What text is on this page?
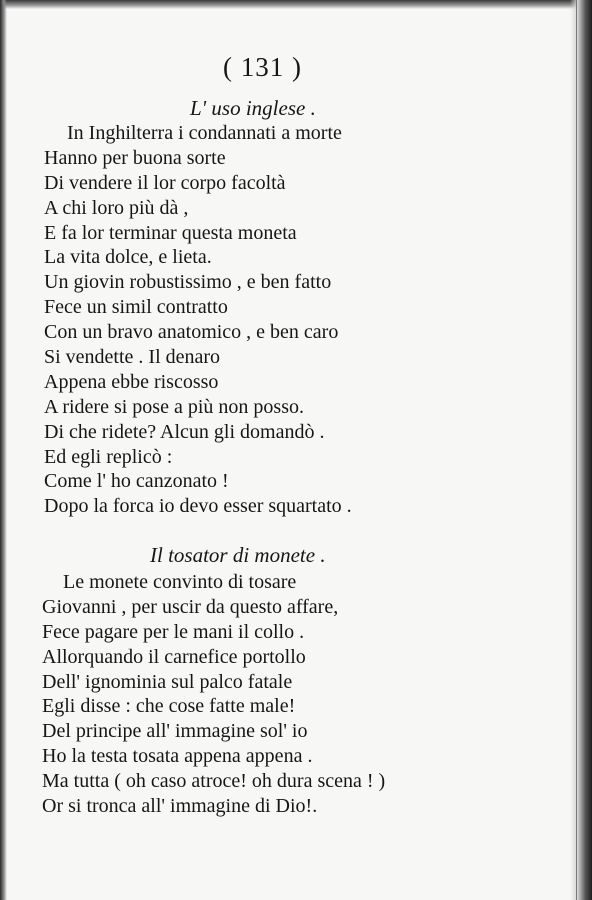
( 131 )
L' uso inglese .
In Inghilterra i condannati a morte
Hanno per buona sorte
Di vendere il lor corpo facoltà
A chi loro più dà ,
E fa lor terminar questa moneta
La vita dolce, e lieta.
Un giovin robustissimo , e ben fatto
Fece un simil contratto
Con un bravo anatomico , e ben caro
Si vendette . Il denaro
Appena ebbe riscosso
A ridere si pose a più non posso.
Di che ridete? Alcun gli domandò .
Ed egli replicò :
Come l' ho canzonato !
Dopo la forca io devo esser squartato .
Il tosator di monete .
Le monete convinto di tosare
Giovanni , per uscir da questo affare,
Fece pagare per le mani il collo .
Allorquando il carnefice portollo
Dell' ignominia sul palco fatale
Egli disse : che cose fatte male!
Del principe all' immagine sol' io
Ho la testa tosata appena appena .
Ma tutta ( oh caso atroce! oh dura scena ! )
Or si tronca all' immagine di Dio!.
